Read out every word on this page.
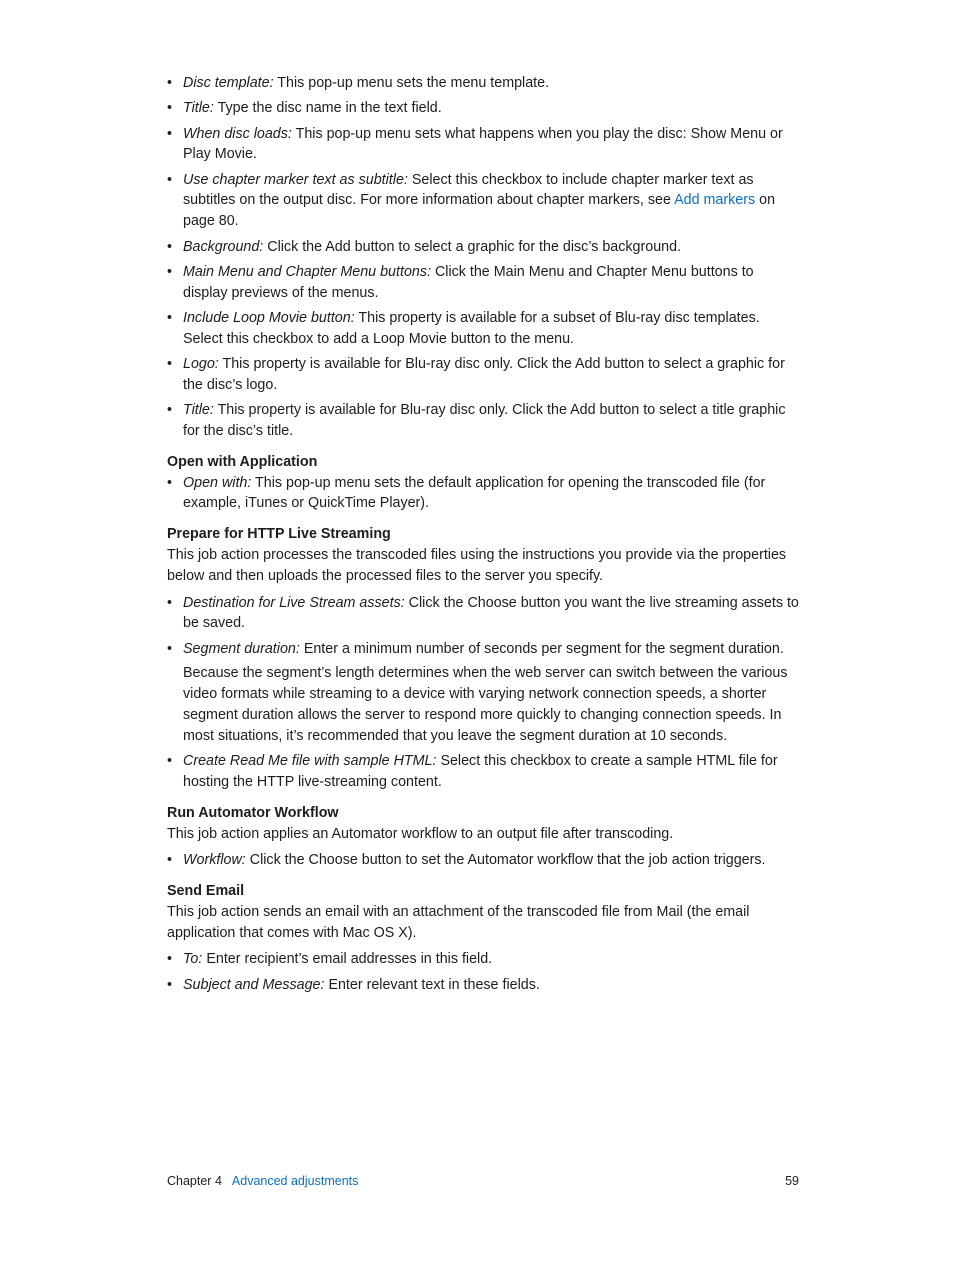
• Disc template: This pop-up menu sets the menu template.
• Title: Type the disc name in the text field.
• When disc loads: This pop-up menu sets what happens when you play the disc: Show Menu or Play Movie.
• Use chapter marker text as subtitle: Select this checkbox to include chapter marker text as subtitles on the output disc. For more information about chapter markers, see Add markers on page 80.
• Background: Click the Add button to select a graphic for the disc’s background.
• Main Menu and Chapter Menu buttons: Click the Main Menu and Chapter Menu buttons to display previews of the menus.
• Include Loop Movie button: This property is available for a subset of Blu-ray disc templates. Select this checkbox to add a Loop Movie button to the menu.
• Logo: This property is available for Blu-ray disc only. Click the Add button to select a graphic for the disc’s logo.
• Title: This property is available for Blu-ray disc only. Click the Add button to select a title graphic for the disc’s title.
Open with Application
• Open with: This pop-up menu sets the default application for opening the transcoded file (for example, iTunes or QuickTime Player).
Prepare for HTTP Live Streaming

This job action processes the transcoded files using the instructions you provide via the properties below and then uploads the processed files to the server you specify.

• Destination for Live Stream assets: Click the Choose button you want the live streaming assets to be saved.
• Segment duration: Enter a minimum number of seconds per segment for the segment duration.
Because the segment’s length determines when the web server can switch between the various video formats while streaming to a device with varying network connection speeds, a shorter segment duration allows the server to respond more quickly to changing connection speeds. In most situations, it’s recommended that you leave the segment duration at 10 seconds.
• Create Read Me file with sample HTML: Select this checkbox to create a sample HTML file for hosting the HTTP live-streaming content.
Run Automator Workflow

This job action applies an Automator workflow to an output file after transcoding.

• Workflow: Click the Choose button to set the Automator workflow that the job action triggers.
Send Email

This job action sends an email with an attachment of the transcoded file from Mail (the email application that comes with Mac OS X).

• To: Enter recipient’s email addresses in this field.
• Subject and Message: Enter relevant text in these fields.
Chapter 4 Advanced adjustments	59
